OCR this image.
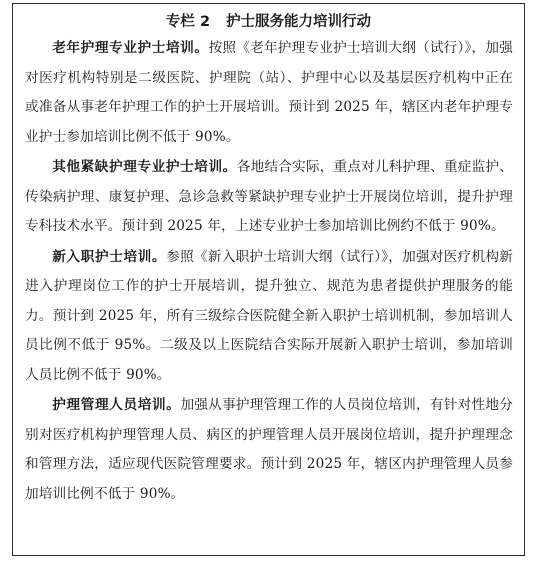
专栏 2 护士服务能力培训行动

老年护理专业护士培训。按照《老年护理专业护士培训大纲（试行）》，加强对医疗机构特别是二级医院、护理院（站）、护理中心以及基层医疗机构中正在或准备从事老年护理工作的护士开展培训。预计到 2025 年，辖区内老年护理专业护士参加培训比例不低于 90%。

其他紧缺护理专业护士培训。各地结合实际，重点对儿科护理、重症监护、传染病护理、康复护理、急诊急救等紧缺护理专业护士开展岗位培训，提升护理专科技术水平。预计到 2025 年，上述专业护士参加培训比例约不低于 90%。

新入职护士培训。参照《新入职护士培训大纲（试行）》，加强对医疗机构新进入护理岗位工作的护士开展培训，提升独立、规范为患者提供护理服务的能力。预计到 2025 年，所有三级综合医院健全新入职护士培训机制，参加培训人员比例不低于 95%。二级及以上医院结合实际开展新入职护士培训，参加培训人员比例不低于 90%。

护理管理人员培训。加强从事护理管理工作的人员岗位培训，有针对性地分别对医疗机构护理管理人员、病区的护理管理人员开展岗位培训，提升护理理念和管理方法，适应现代医院管理要求。预计到 2025 年，辖区内护理管理人员参加培训比例不低于 90%。
